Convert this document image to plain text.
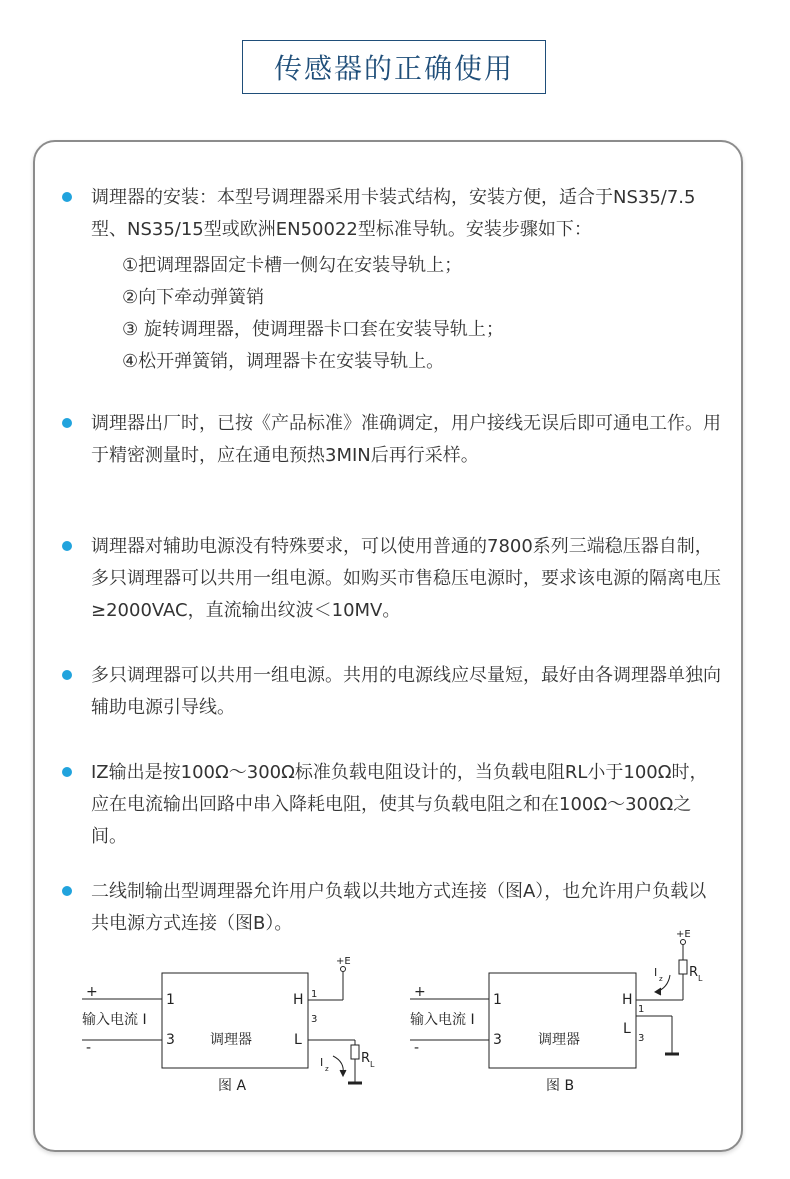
传感器的正确使用
调理器的安装：本型号调理器采用卡装式结构，安装方便，适合于NS35/7.5型、NS35/15型或欧洲EN50022型标准导轨。安装步骤如下：
①把调理器固定卡槽一侧勾在安装导轨上；
②向下牵动弹簧销
③ 旋转调理器，使调理器卡口套在安装导轨上；
④松开弹簧销，调理器卡在安装导轨上。
调理器出厂时，已按《产品标准》准确调定，用户接线无误后即可通电工作。用于精密测量时，应在通电预热3MIN后再行采样。
调理器对辅助电源没有特殊要求，可以使用普通的7800系列三端稳压器自制，多只调理器可以共用一组电源。如购买市售稳压电源时，要求该电源的隔离电压≥2000VAC，直流输出纹波＜10MV。
多只调理器可以共用一组电源。共用的电源线应尽量短，最好由各调理器单独向辅助电源引导线。
IZ输出是按100Ω～300Ω标准负载电阻设计的，当负载电阻RL小于100Ω时，应在电流输出回路中串入降耗电阻，使其与负载电阻之和在100Ω～300Ω之间。
二线制输出型调理器允许用户负载以共地方式连接（图A），也允许用户负载以共电源方式连接（图B）。
+
输入电流 I
-
1
3
H
L
1
3
调理器
+E
I z
R L
图 A
+
输入电流 I
-
1
3
H
L
1
3
调理器
+E
I z R L
图 B
